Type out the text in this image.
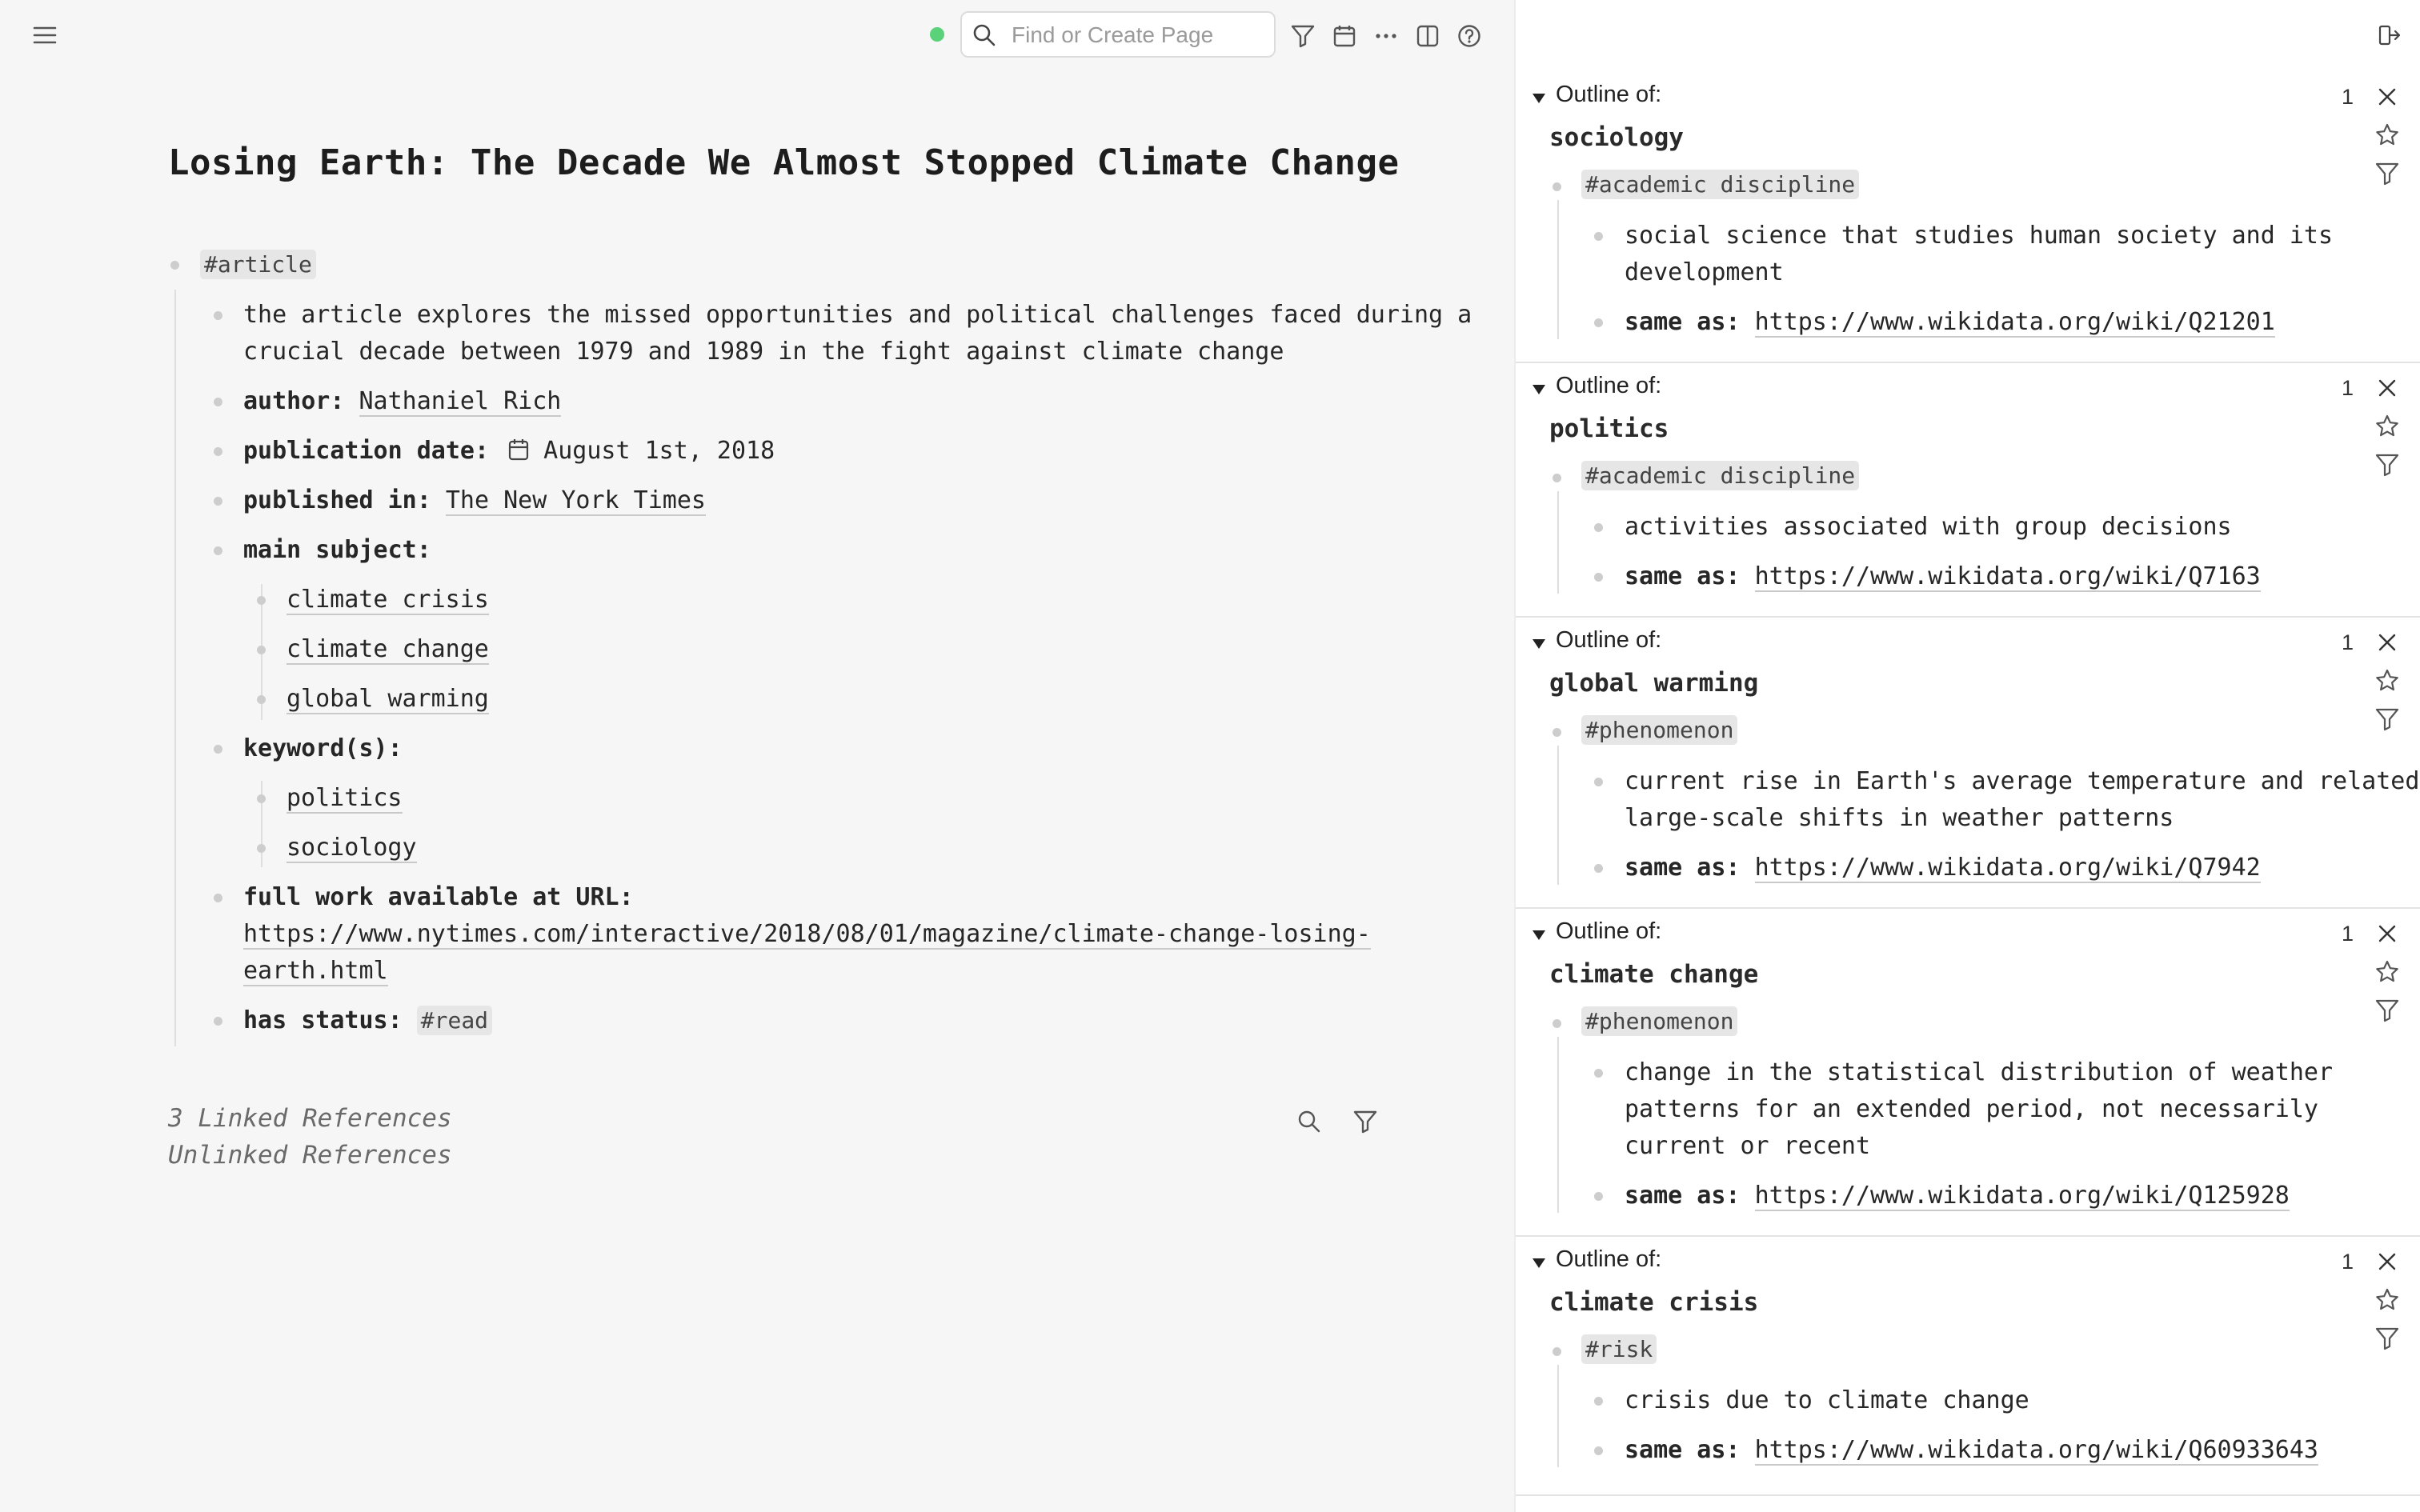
Find or Create Page
Losing Earth: The Decade We Almost Stopped Climate Change
#article
the article explores the missed opportunities and political challenges faced during a
crucial decade between 1979 and 1989 in the fight against climate change
author: Nathaniel Rich
publication date: August 1st, 2018
published in: The New York Times
main subject:
climate crisis
climate change
global warming
keyword(s):
politics
sociology
full work available at URL:
https://www.nytimes.com/interactive/2018/08/01/magazine/climate-change-losing-
earth.html
has status: #read
3 Linked References
Unlinked References
Outline of:	1
sociology
#academic discipline
social science that studies human society and its
development
same as: https://www.wikidata.org/wiki/Q21201
Outline of:	1
politics
#academic discipline
activities associated with group decisions
same as: https://www.wikidata.org/wiki/Q7163
Outline of:	1
global warming
#phenomenon
current rise in Earth's average temperature and related
large-scale shifts in weather patterns
same as: https://www.wikidata.org/wiki/Q7942
Outline of:	1
climate change
#phenomenon
change in the statistical distribution of weather
patterns for an extended period, not necessarily
current or recent
same as: https://www.wikidata.org/wiki/Q125928
Outline of:	1
climate crisis
#risk
crisis due to climate change
same as: https://www.wikidata.org/wiki/Q60933643
